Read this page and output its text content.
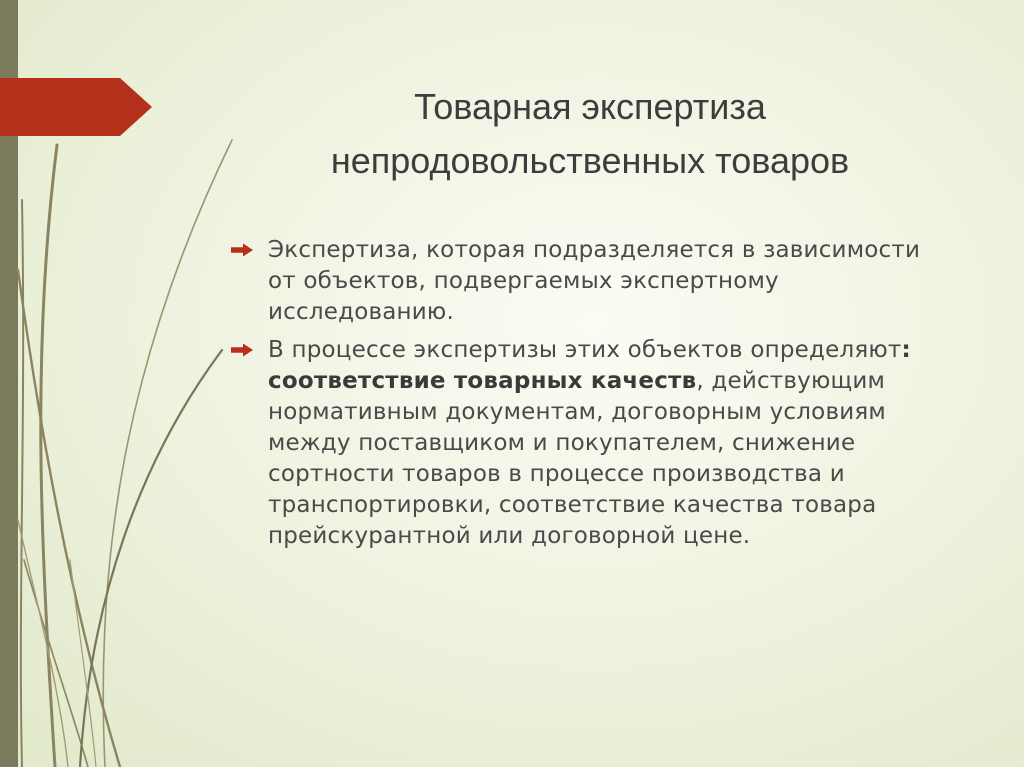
Товарная экспертиза
непродовольственных товаров
Экспертиза, которая подразделяется в зависимости от объектов, подвергаемых экспертному исследованию.
В процессе экспертизы этих объектов определяют: соответствие товарных качеств, действующим нормативным документам, договорным условиям между поставщиком и покупателем, снижение сортности товаров в процессе производства и транспортировки, соответствие качества товара прейскурантной или договорной цене.
